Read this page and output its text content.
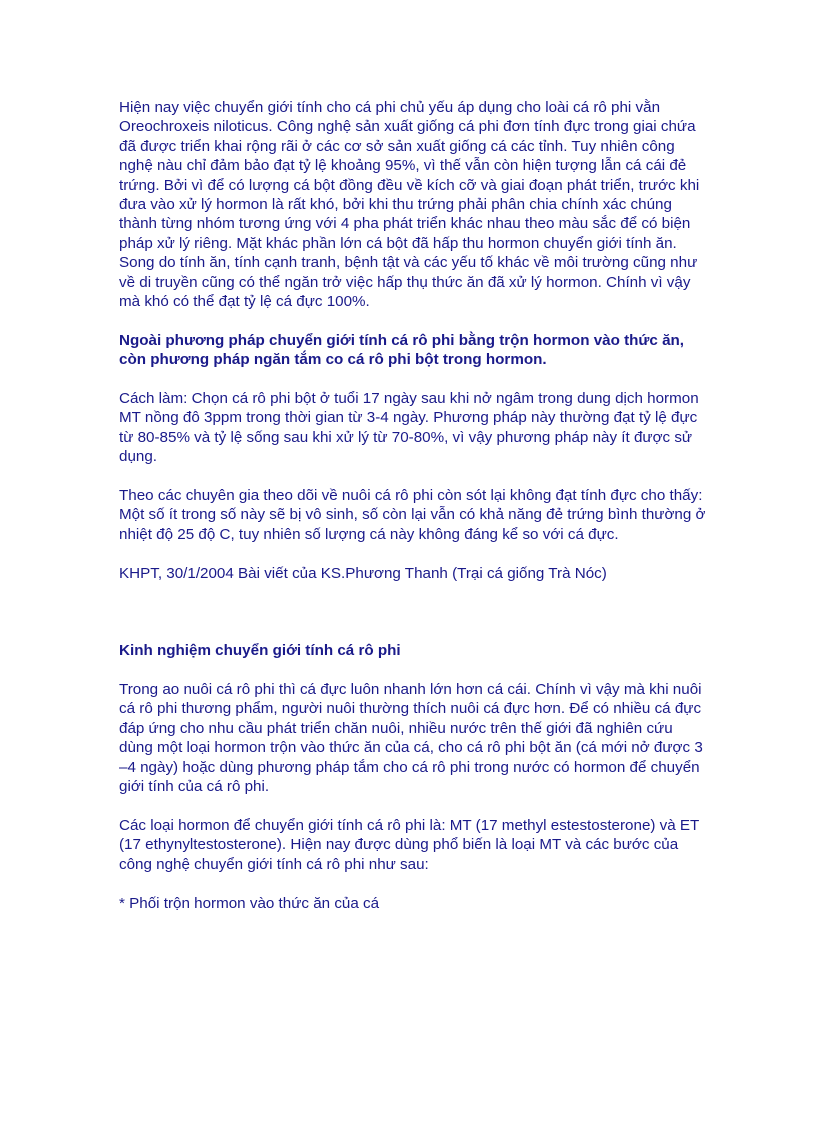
Hiện nay việc chuyển giới tính cho cá phi chủ yếu áp dụng cho loài cá rô phi vằn Oreochroxeis niloticus. Công nghệ sản xuất giống cá phi đơn tính đực trong giai chứa đã được triển khai rộng rãi ở các cơ sở sản xuất giống cá các tỉnh. Tuy nhiên công nghệ nàu chỉ đảm bảo đạt tỷ lệ khoảng 95%, vì thế vẫn còn hiện tượng lẫn cá cái đẻ trứng. Bởi vì để có lượng cá bột đồng đều về kích cỡ và giai đoạn phát triển, trước khi đưa vào xử lý hormon là rất khó, bởi khi thu trứng phải phân chia chính xác chúng thành từng nhóm tương ứng với 4 pha phát triển khác nhau theo màu sắc để có biện pháp xử lý riêng. Mặt khác phần lớn cá bột đã hấp thu hormon chuyển giới tính ăn. Song do tính ăn, tính cạnh tranh, bệnh tật và các yếu tố khác về môi trường cũng như về di truyền cũng có thể ngăn trở việc hấp thụ thức ăn đã xử lý hormon. Chính vì vậy mà khó có thể đạt tỷ lệ cá đực 100%.

Ngoài phương pháp chuyển giới tính cá rô phi bằng trộn hormon vào thức ăn, còn phương pháp ngăn tắm co cá rô phi bột trong hormon.

Cách làm: Chọn cá rô phi bột ở tuổi 17 ngày sau khi nở ngâm trong dung dịch hormon MT nồng đô 3ppm trong thời gian từ 3-4 ngày. Phương pháp này thường đạt tỷ lệ đực từ 80-85% và tỷ lệ sống sau khi xử lý từ 70-80%, vì vậy phương pháp này ít được sử dụng.

Theo các chuyên gia theo dõi về nuôi cá rô phi còn sót lại không đạt tính đực cho thấy: Một số ít trong số này sẽ bị vô sinh, số còn lại vẫn có khả năng đẻ trứng bình thường ở nhiệt độ 25 độ C, tuy nhiên số lượng cá này không đáng kể so với cá đực.

KHPT, 30/1/2004 Bài viết của KS.Phương Thanh (Trại cá giống Trà Nóc)

Kinh nghiệm chuyển giới tính cá rô phi

Trong ao nuôi cá rô phi thì cá đực luôn nhanh lớn hơn cá cái. Chính vì vậy mà khi nuôi cá rô phi thương phẩm, người nuôi thường thích nuôi cá đực hơn. Để có nhiều cá đực đáp ứng cho nhu cầu phát triển chăn nuôi, nhiều nước trên thế giới đã nghiên cứu dùng một loại hormon trộn vào thức ăn của cá, cho cá rô phi bột ăn (cá mới nở được 3 –4 ngày) hoặc dùng phương pháp tắm cho cá rô phi trong nước có hormon để chuyển giới tính của cá rô phi.

Các loại hormon để chuyển giới tính cá rô phi là: MT (17 methyl estestosterone) và ET (17 ethynyltestosterone). Hiện nay được dùng phổ biến là loại MT và các bước của công nghệ chuyển giới tính cá rô phi như sau:

* Phối trộn hormon vào thức ăn của cá
